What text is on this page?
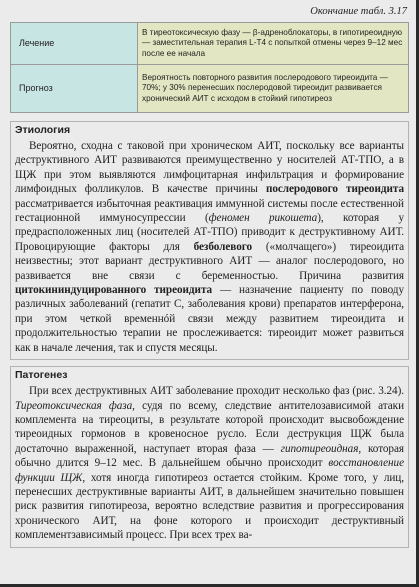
Окончание табл. 3.17
Лечение	В тиреотоксическую фазу — β-адреноблокаторы, в гипотиреоидную — заместительная терапия L-T4 с попыткой отмены через 9–12 мес после ее начала
Прогноз	Вероятность повторного развития послеродового тиреоидита — 70%; у 30% перенесших послеродовой тиреоидит развивается хронический АИТ с исходом в стойкий гипотиреоз
Этиология

Вероятно, сходна с таковой при хроническом АИТ, поскольку все варианты деструктивного АИТ развиваются преимущественно у носителей АТ-ТПО, а в ЩЖ при этом выявляются лимфоцитарная инфильтрация и формирование лимфоидных фолликулов. В качестве причины послеродового тиреоидита рассматривается избыточная реактивация иммунной системы после естественной гестационной иммуносупрессии (феномен рикошета), которая у предрасположенных лиц (носителей АТ-ТПО) приводит к деструктивному АИТ. Провоцирующие факторы для безболевого («молчащего») тиреоидита неизвестны; этот вариант деструктивного АИТ — аналог послеродового, но развивается вне связи с беременностью. Причина развития цитокининдуцированного тиреоидита — назначение пациенту по поводу различных заболеваний (гепатит С, заболевания крови) препаратов интерферона, при этом четкой временнóй связи между развитием тиреоидита и продолжительностью терапии не прослеживается: тиреоидит может развиться как в начале лечения, так и спустя месяцы.

Патогенез

При всех деструктивных АИТ заболевание проходит несколько фаз (рис. 3.24). Тиреотоксическая фаза, судя по всему, следствие антителозависимой атаки комплемента на тиреоциты, в результате которой происходит высвобождение тиреоидных гормонов в кровеносное русло. Если деструкция ЩЖ была достаточно выраженной, наступает вторая фаза — гипотиреоидная, которая обычно длится 9–12 мес. В дальнейшем обычно происходит восстановление функции ЩЖ, хотя иногда гипотиреоз остается стойким. Кроме того, у лиц, перенесших деструктивные варианты АИТ, в дальнейшем значительно повышен риск развития гипотиреоза, вероятно вследствие развития и прогрессирования хронического АИТ, на фоне которого и происходит деструктивный комплементзависимый процесс. При всех трех ва-
